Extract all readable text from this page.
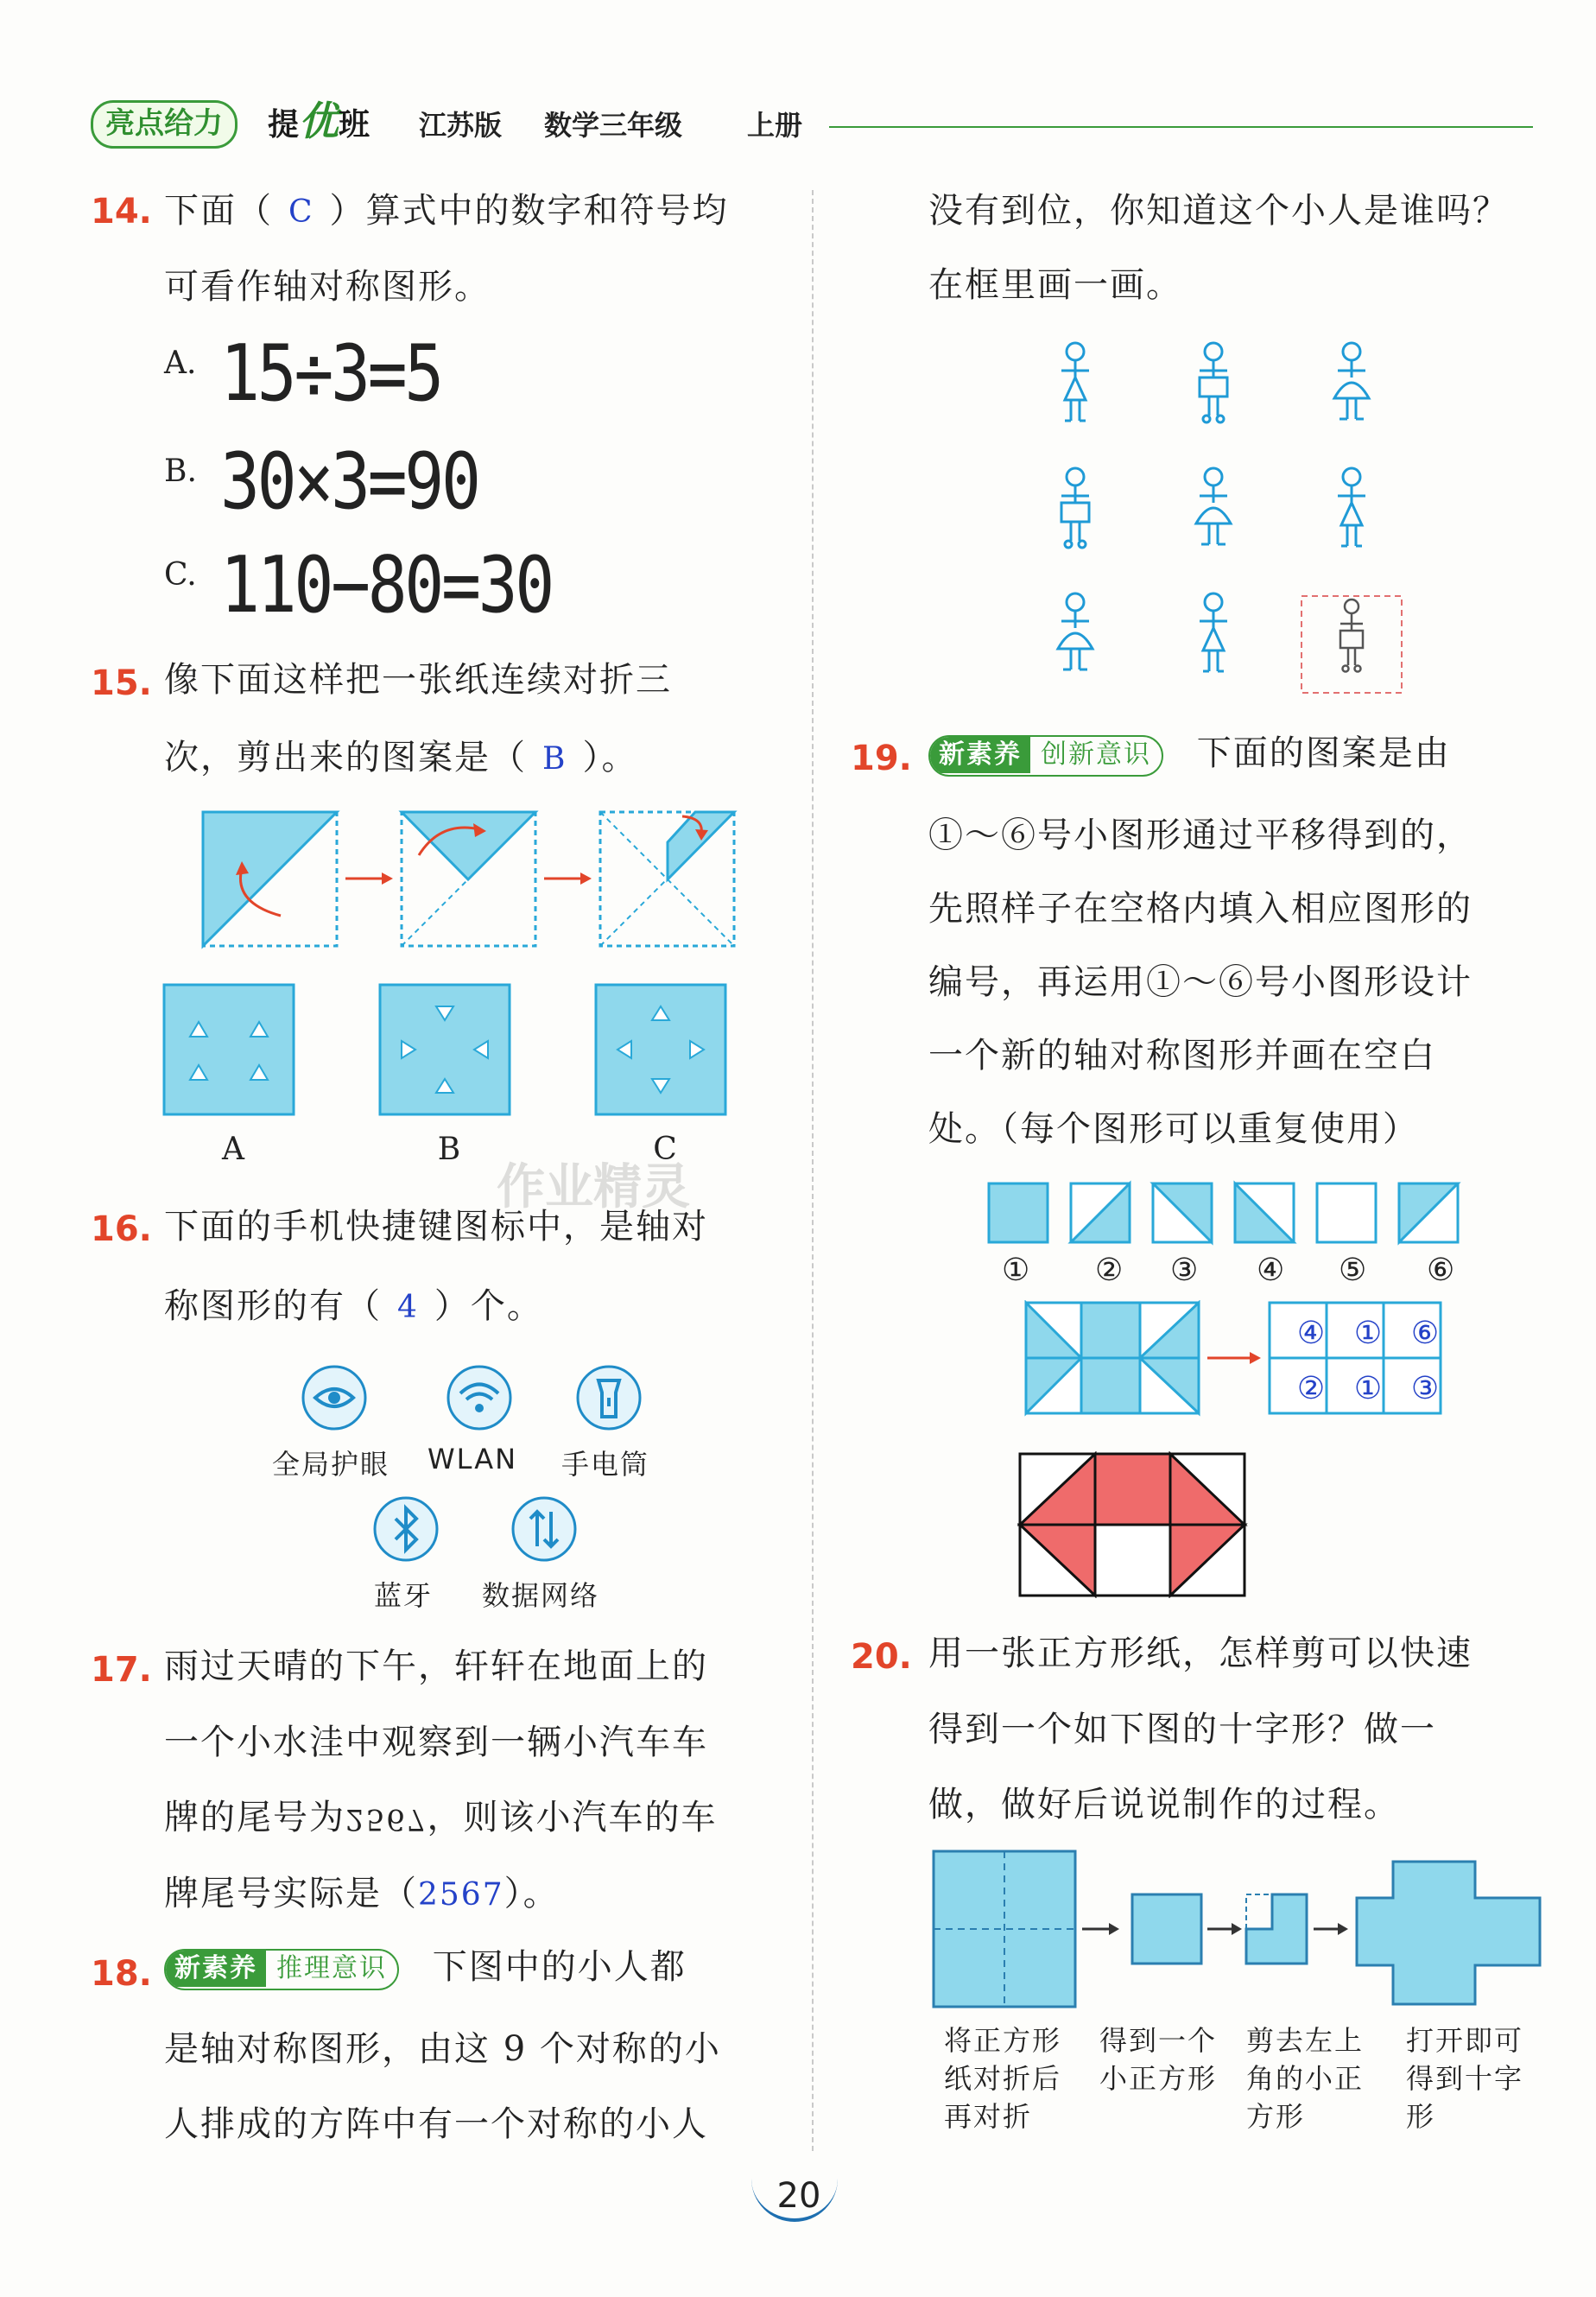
亮点给力	提优班 江苏版 数学三年级 上册
14. 下面（ C ）算式中的数字和符号均
可看作轴对称图形。
A. 15÷3=5
B. 30×3=90
C. 110−80=30
15. 像下面这样把一张纸连续对折三
次，剪出来的图案是（ B ）。
A	B	C
作业精灵
16. 下面的手机快捷键图标中，是轴对
称图形的有（ 4 ）个。
全局护眼 WLAN 手电筒
蓝牙 数据网络
17. 雨过天晴的下午，轩轩在地面上的
一个小水洼中观察到一辆小汽车车
牌的尾号为2567，则该小汽车的车
牌尾号实际是（2567）。
18. 新素养 推理意识 下图中的小人都
是轴对称图形，由这 9 个对称的小
人排成的方阵中有一个对称的小人
没有到位，你知道这个小人是谁吗？
在框里画一画。
19.	新素养 创新意识 下面的图案是由
①～⑥号小图形通过平移得到的，
先照样子在空格内填入相应图形的
编号，再运用①～⑥号小图形设计
一个新的轴对称图形并画在空白
处。（每个图形可以重复使用）
① ② ③ ④ ⑤ ⑥
④ ① ⑥
② ① ③
20. 用一张正方形纸，怎样剪可以快速
得到一个如下图的十字形？做一
做，做好后说说制作的过程。
将正方形
纸对折后
再对折
得到一个
小正方形
剪去左上
角的小正
方形
打开即可
得到十字
形
20
